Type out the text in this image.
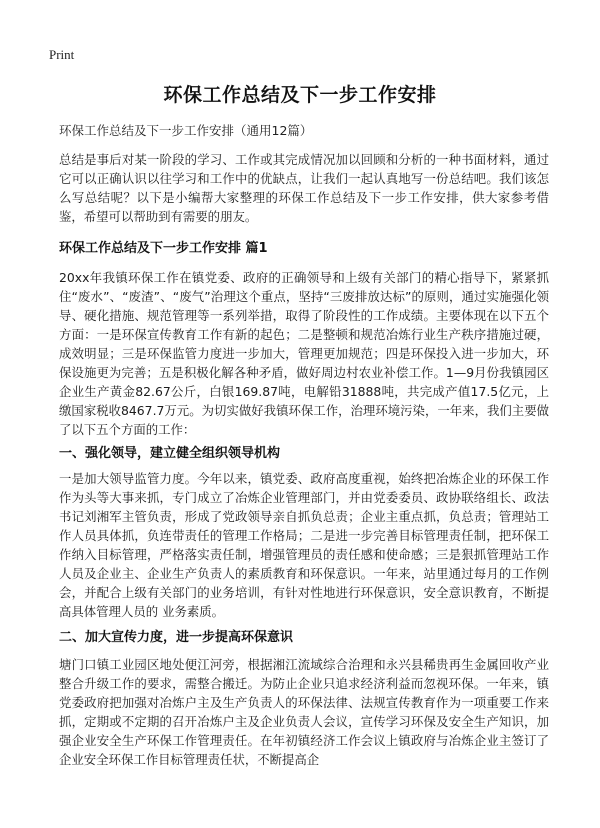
Print
环保工作总结及下一步工作安排

环保工作总结及下一步工作安排（通用12篇）

总结是事后对某一阶段的学习、工作或其完成情况加以回顾和分析的一种书面材料，通过它可以正确认识以往学习和工作中的优缺点，让我们一起认真地写一份总结吧。我们该怎么写总结呢？以下是小编帮大家整理的环保工作总结及下一步工作安排，供大家参考借鉴，希望可以帮助到有需要的朋友。

环保工作总结及下一步工作安排 篇1

20xx年我镇环保工作在镇党委、政府的正确领导和上级有关部门的精心指导下，紧紧抓住“废水”、“废渣”、“废气”治理这个重点，坚持“三废排放达标”的原则，通过实施强化领导、硬化措施、规范管理等一系列举措，取得了阶段性的工作成绩。主要体现在以下五个方面：一是环保宣传教育工作有新的起色；二是整顿和规范冶炼行业生产秩序措施过硬，成效明显；三是环保监管力度进一步加大，管理更加规范；四是环保投入进一步加大，环保设施更为完善；五是积极化解各种矛盾，做好周边村农业补偿工作。1—9月份我镇园区企业生产黄金82.67公斤，白银169.87吨，电解铅31888吨，共完成产值17.5亿元，上缴国家税收8467.7万元。为切实做好我镇环保工作，治理环境污染，一年来，我们主要做了以下五个方面的工作：

一、强化领导，建立健全组织领导机构

一是加大领导监管力度。今年以来，镇党委、政府高度重视，始终把冶炼企业的环保工作作为头等大事来抓，专门成立了冶炼企业管理部门，并由党委委员、政协联络组长、政法书记刘湘军主管负责，形成了党政领导亲自抓负总责；企业主重点抓，负总责；管理站工作人员具体抓，负连带责任的管理工作格局；二是进一步完善目标管理责任制，把环保工作纳入目标管理，严格落实责任制，增强管理员的责任感和使命感；三是狠抓管理站工作人员及企业主、企业生产负责人的素质教育和环保意识。一年来，站里通过每月的工作例会，并配合上级有关部门的业务培训，有针对性地进行环保意识，安全意识教育，不断提高具体管理人员的 业务素质。

二、加大宣传力度，进一步提高环保意识

塘门口镇工业园区地处便江河旁，根据湘江流域综合治理和永兴县稀贵再生金属回收产业整合升级工作的要求，需整合搬迁。为防止企业只追求经济利益而忽视环保。一年来，镇党委政府把加强对冶炼户主及生产负责人的环保法律、法规宣传教育作为一项重要工作来抓，定期或不定期的召开冶炼户主及企业负责人会议，宣传学习环保及安全生产知识，加强企业安全生产环保工作管理责任。在年初镇经济工作会议上镇政府与冶炼企业主签订了企业安全环保工作目标管理责任状，不断提高企
